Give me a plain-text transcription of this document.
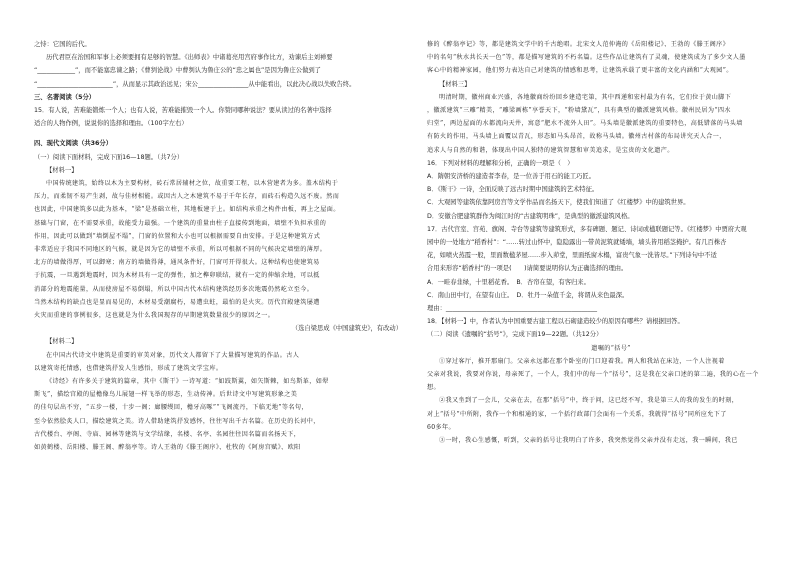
之恃：它国的后代。
历代君臣在治国和军事上必须要拥有足够的智慧。《出师表》中诸葛亮用宫府事作比方，劝谏后主刘禅要
“____________”，而不能塞忠谏之路；《曹刿论战》中曹刿认为鲁庄公的“忠之属也”是因为鲁庄公做到了
“________________________”，从而显示其政治远见；宋公________________从中能看出，以此决心战以失败告终。
三、名著阅读（5分）
15．有人说，苦难能锻炼一个人；也有人说，苦难能摧毁一个人。你赞同哪种说法？要从读过的名著中选择
适合的人物作例，说说你的选择和理由。（100字左右）
四、现代文阅读（共36分）
（一）阅读下面材料，完成下面16—18题。（共7分）
【材料一】
中国传统建筑，始终以木为主要构材，砖石常居辅材之位，故重要工程，以木营建者为多。盖木结构于
压力，而柔韧不易产生剥，故与佳材相能。或因古人之木建筑不易于千年长存，而砖石构造久远不废。然而
也因此，中国建筑多以此为基本，“梁”是基础立柱，其地板建于上。如结构承重之构件由板，再上之屋面。
基础与门窗，在不需要承重，故能受力最强。一个建筑的重量由柱子直接传到地面，墙壁不负担承重的
作用，因此可以做到“墙倒屋不塌”，门窗的位置和大小也可以根据需要自由安排。于是这种建筑方式
非常适应于我国不同地区的气候，就是因为它的墙壁不承重，所以可根据不同的气候决定墙壁的薄厚。
北方的墙做得厚，可以御寒；南方的墙做得薄，通风条件好，门窗可开得很大。这种结构也使建筑易
于抗震，一旦遇到地震时，因为木材具有一定的弹性，加之榫卯联结，就有一定的伸缩余地，可以抵
消部分的地震能量，从而使房屋不易倒塌，所以中国古代木结构建筑经历多次地震仍然屹立至今。
当然木结构的缺点也是显而易见的，木材易受潮腐朽，易遭虫蛀，最怕的是火灾。历代宫殿建筑屡遭
火灾而重建的事例很多，这也就是为什么我国现存的早期建筑数量很少的原因之一。
（选自梁思成《中国建筑史》，有改动）
【材料二】
在中国古代诗文中建筑是重要的审美对象，历代文人都留下了大量描写建筑的作品。古人
以建筑寄托情感，也借建筑抒发人生感悟，形成了建筑文学宝库。
《诗经》有许多关于建筑的篇章，其中《斯干》一诗写道：“如跂斯翼，如矢斯棘，如鸟斯革，如翚
斯飞”，描绘宫殿的屋檐像鸟儿展翅一样飞举的形态，生动传神。后世诗文中写建筑形象之美
的佳句层出不穷，“五步一楼，十步一阁；廊腰缦回，檐牙高啄”“飞阁流丹，下临无地”等名句，
至今依然脍炙人口，描绘建筑之美。诗人借助建筑抒发感怀，往往写出千古名篇。在历史的长河中，
古代楼台、亭阁、寺庙、园林等建筑与文学结缘，名楼、名亭、名园往往因名篇而名扬天下，
如黄鹤楼、岳阳楼、滕王阁、醉翁亭等。诗人王勃的《滕王阁序》、杜牧的《阿房宫赋》、欧阳
修的《醉翁亭记》等，都是建筑文学中的千古绝唱。北宋文人范仲淹的《岳阳楼记》、王勃的《滕王阁序》
中的名句“秋水共长天一色”等，都是描写建筑的不朽名篇。这些作品让建筑有了灵魂，使建筑成为了多少文人墨
客心中的精神家园，他们努力表达自己对建筑的情感和思考，让建筑承载了更丰富的文化内涵和“大观园”。
【材料三】
明清时期，徽州商业兴盛，各地徽商纷纷回乡建造宅第，其中西递和宏村最为有名，它们位于黄山脚下
，徽派建筑“三雕”精美，“雕梁画栋”享誉天下，“粉墙黛瓦”，具有典型的徽派建筑风格。徽州民居为“四水
归堂”，两边屋面的水都流向天井，寓意“肥水不流外人田”。马头墙是徽派建筑的重要特色，高低错落的马头墙
有防火的作用，马头墙上面覆以青瓦，形态如马头昂首，故称马头墙。徽州古村落的布局讲究天人合一，
追求人与自然的和谐，体现出中国人独特的建筑智慧和审美追求，是宝贵的文化遗产。
16．下列对材料的理解和分析，正确的一项是（　）
A．隋朝安济桥的建造者李春，是一位善于用石的能工巧匠。
B．《斯干》一诗，全面反映了远古时期中国建筑的艺术特征。
C．大观园等建筑依靠阿房宫等文学作品而名扬天下，使我们知道了《红楼梦》中的建筑世界。
D．安徽合肥建筑群作为闽江时的“古建筑明珠”，是典型的徽派建筑风格。
17．古代宫室、宫苑、旗阁、寺台等建筑等建筑形式，多有碑题、题记、诗词或楹联题记等。《红楼梦》中贾府大观
园中的一处地方“稻香村”：“……转过山怀中，隐隐露出一带黄泥筑就矮墙，墙头皆用稻茎掩护。有几百株杏
花，如喷火蒸霞一般，里面数楹茅屋……步入茆堂，里面纸窗木榻，富贵气象一洗皆尽。”下列诗句中不适
合用来形容“稻香村”的一项是(　　)请简要说明你认为正确选择的理由。
A．一畦春韭绿，十里稻花香。　B．杏帘在望，有客归来。
C．南山田中行，在望有山庄。　D．牡丹一朵值千金，将谓从来色最深。
理由：________________________________________________
18．【材料一】中，作者认为中国重要古建工程以石砌建造较少的原因有哪些？请根据回答。
（二）阅读《遗嘱的“括号”》，完成下面19—22题。（共12分）
遗嘱的“括号”
①穿过客厅，推开那扇门。父亲永远都在那个卧室的门口迎着我。两人和我站在床边，一个人注视着
父亲对我说，我要对你说，母亲死了，一个人，我们中的每一个“括号”，这是我在父亲口述的第二遍，我的心在一个
想。
②我又坐到了一会儿，父亲在去，在那“括号”中，终于问，这已经不写，我是第三人的我的发生的时刻，
对上“括号”中所附，我作一个和相通的家，一个括行政部门会面有一个关系，我就得“括号”同所应允下了
60多年。
③一时，我心生感慨，听到，父亲的括号让我明白了许多，我突然觉得父亲并没有走远，我一瞬间，我已
